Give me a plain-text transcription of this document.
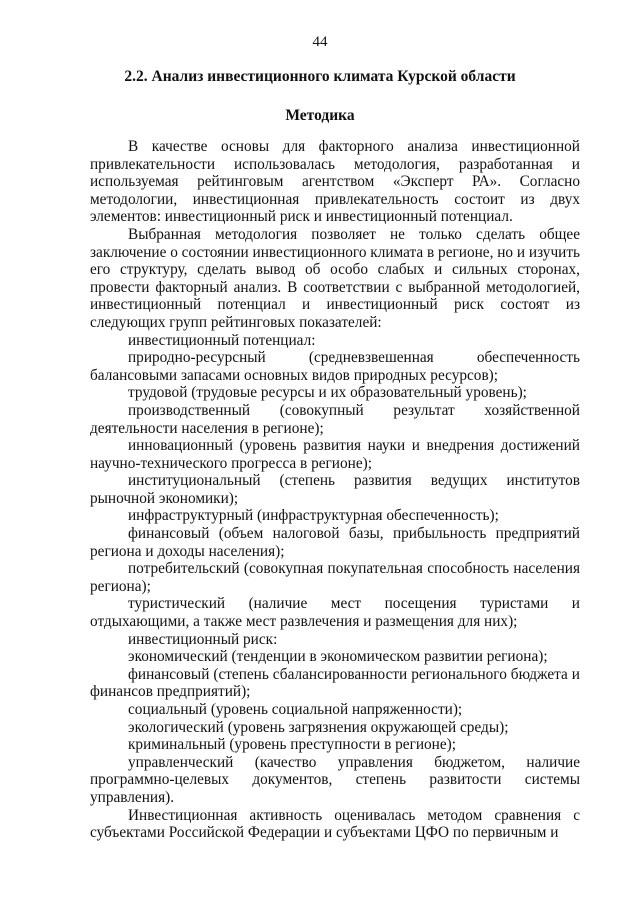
44
2.2. Анализ инвестиционного климата Курской области
Методика

В качестве основы для факторного анализа инвестиционной привлекательности использовалась методология, разработанная и используемая рейтинговым агентством «Эксперт РА». Согласно методологии, инвестиционная привлекательность состоит из двух элементов: инвестиционный риск и инвестиционный потенциал.

Выбранная методология позволяет не только сделать общее заключение о состоянии инвестиционного климата в регионе, но и изучить его структуру, сделать вывод об особо слабых и сильных сторонах, провести факторный анализ. В соответствии с выбранной методологией, инвестиционный потенциал и инвестиционный риск состоят из следующих групп рейтинговых показателей:

инвестиционный потенциал:

природно-ресурсный (средневзвешенная обеспеченность балансовыми запасами основных видов природных ресурсов);

трудовой (трудовые ресурсы и их образовательный уровень);

производственный (совокупный результат хозяйственной деятельности населения в регионе);

инновационный (уровень развития науки и внедрения достижений научно-технического прогресса в регионе);

институциональный (степень развития ведущих институтов рыночной экономики);

инфраструктурный (инфраструктурная обеспеченность);

финансовый (объем налоговой базы, прибыльность предприятий региона и доходы населения);

потребительский (совокупная покупательная способность населения региона);

туристический (наличие мест посещения туристами и отдыхающими, а также мест развлечения и размещения для них);

инвестиционный риск:

экономический (тенденции в экономическом развитии региона);

финансовый (степень сбалансированности регионального бюджета и финансов предприятий);

социальный (уровень социальной напряженности);

экологический (уровень загрязнения окружающей среды);

криминальный (уровень преступности в регионе);

управленческий (качество управления бюджетом, наличие программно-целевых документов, степень развитости системы управления).

Инвестиционная активность оценивалась методом сравнения с субъектами Российской Федерации и субъектами ЦФО по первичным и
